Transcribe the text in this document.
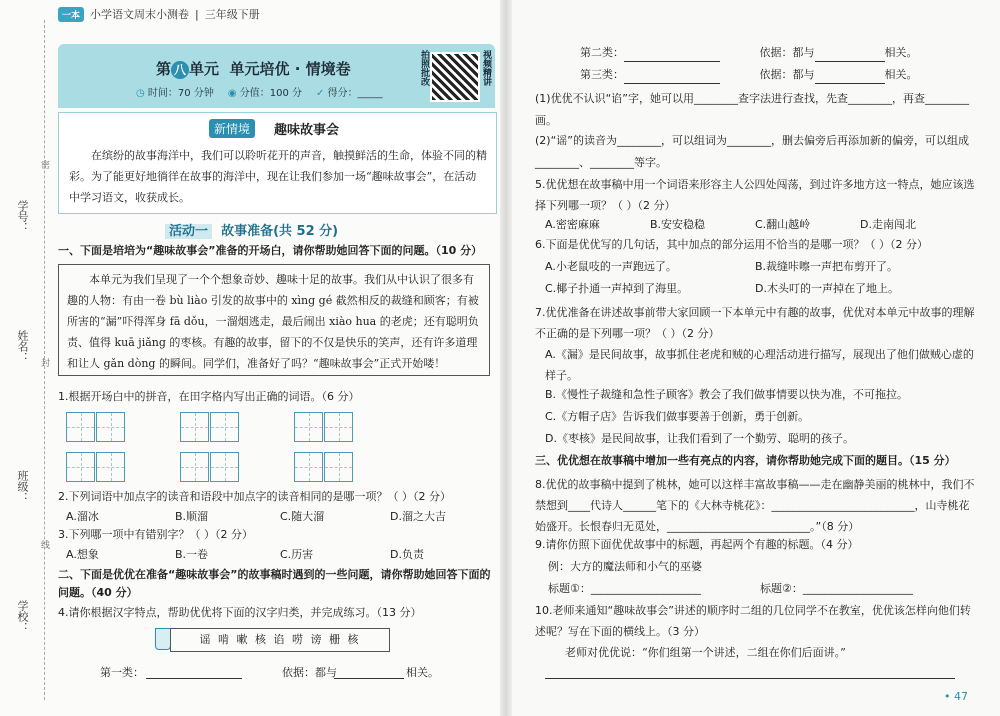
一本 小学语文周末小测卷 | 三年级下册
学号：
姓名：
班级：
学校：
密
封
线
第 八 单元 单元培优 · 情境卷
◷ 时间：70 分钟 ◉ 分值：100 分 ✓ 得分：_____
拍照批改	视频精讲
新情境	趣味故事会
在缤纷的故事海洋中，我们可以聆听花开的声音，触摸鲜活的生命，体验不同的精彩。为了能更好地徜徉在故事的海洋中，现在让我们参加一场“趣味故事会”，在活动中学习语文，收获成长。
活动一 故事准备(共 52 分)
一、下面是培培为“趣味故事会”准备的开场白，请你帮助她回答下面的问题。（10 分）

本单元为我们呈现了一个个想象奇妙、趣味十足的故事。我们从中认识了很多有趣的人物：有由一卷 bù liào 引发的故事中的 xìng gé 截然相反的裁缝和顾客；有被所害的“漏”吓得浑身 fā dǒu，一溜烟逃走，最后闹出 xiào hua 的老虎；还有聪明负责、值得 kuā jiǎng 的枣核。有趣的故事，留下的不仅是快乐的笑声，还有许多道理和让人 gǎn dòng 的瞬间。同学们，准备好了吗？“趣味故事会”正式开始喽！

1.根据开场白中的拼音，在田字格内写出正确的词语。（6 分）
2.下列词语中加点字的读音和语段中加点字的读音相同的是哪一项？（ ）（2 分）
A.溜冰	B.顺溜	C.随大溜	D.溜之大吉
3.下列哪一项中有错别字？（ ）（2 分）
A.想象	B.一卷	C.历害	D.负责
二、下面是优优在准备“趣味故事会”的故事稿时遇到的一些问题，请你帮助她回答下面的问题。（40 分）
4.请你根据汉字特点，帮助优优将下面的汉字归类，并完成练习。（13 分）
谣 啃 嗽 核 谄 唠 谤 栅 核
第一类：	依据：都与	相关。
第二类：	依据：都与	相关。
第三类：	依据：都与	相关。
(1)优优不认识“谄”字，她可以用________查字法进行查找，先查________，再查________画。
(2)“谣”的读音为________，可以组词为________，删去偏旁后再添加新的偏旁，可以组成________、________等字。
5.优优想在故事稿中用一个词语来形容主人公四处闯荡，到过许多地方这一特点，她应该选择下列哪一项？（ ）（2 分）
A.密密麻麻	B.安安稳稳	C.翻山越岭	D.走南闯北
6.下面是优优写的几句话，其中加点的部分运用不恰当的是哪一项？（ ）（2 分）
A.小老鼠吱的一声跑远了。	B.裁缝咔嚓一声把布剪开了。
C.椰子扑通一声掉到了海里。	D.木头叮的一声掉在了地上。
7.优优准备在讲述故事前带大家回顾一下本单元中有趣的故事，优优对本单元中故事的理解不正确的是下列哪一项？（ ）（2 分）
A.《漏》是民间故事，故事抓住老虎和贼的心理活动进行描写，展现出了他们做贼心虚的样子。
B.《慢性子裁缝和急性子顾客》教会了我们做事情要以快为准，不可拖拉。
C.《方帽子店》告诉我们做事要善于创新，勇于创新。
D.《枣核》是民间故事，让我们看到了一个勤劳、聪明的孩子。
三、优优想在故事稿中增加一些有亮点的内容，请你帮助她完成下面的题目。（15 分）
8.优优的故事稿中提到了桃林，她可以这样丰富故事稿——走在幽静美丽的桃林中，我们不禁想到____代诗人______笔下的《大林寺桃花》：__________________________，山寺桃花始盛开。长恨春归无觅处，__________________________。”（8 分）
9.请你仿照下面优优故事中的标题，再起两个有趣的标题。（4 分）
例：大方的魔法师和小气的巫婆
标题①：____________________	标题②：____________________
10.老师来通知“趣味故事会”讲述的顺序时二组的几位同学不在教室，优优该怎样向他们转述呢？写在下面的横线上。（3 分）
老师对优优说：“你们组第一个讲述，二组在你们后面讲。”
• 47
